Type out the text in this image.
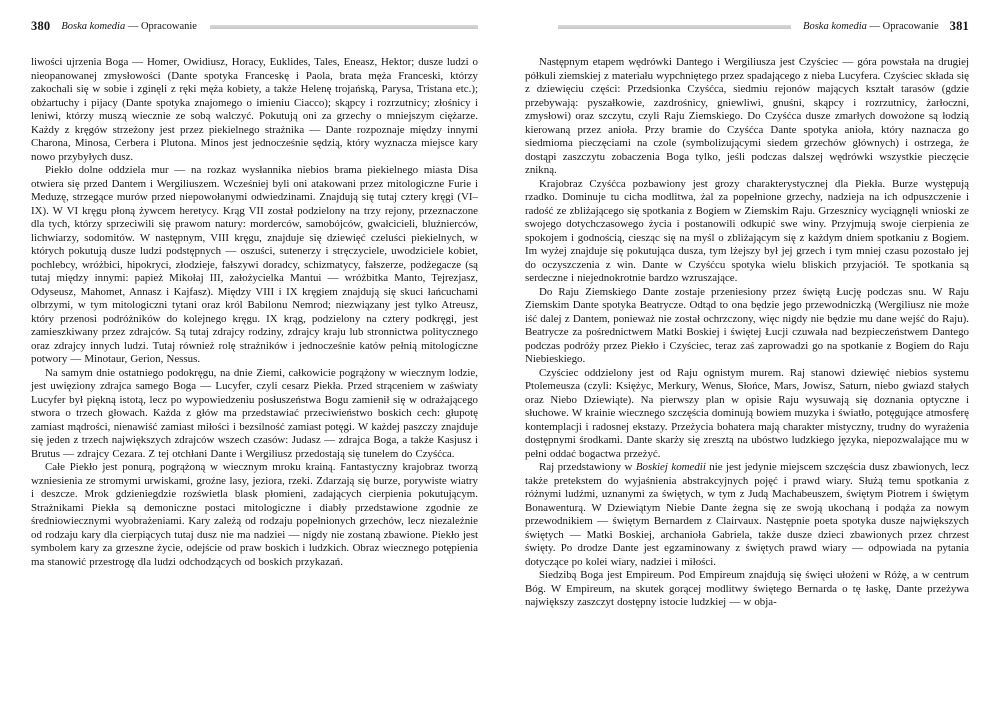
380 Boska komedia — Opracowanie

liwości ujrzenia Boga — Homer, Owidiusz, Horacy, Euklides, Tales, Eneasz, Hektor; dusze ludzi o nieopanowanej zmysłowości (Dante spotyka Franceskę i Paola, brata męża Franceski, którzy zakochali się w sobie i zginęli z ręki męża kobiety, a także Helenę trojańską, Parysa, Tristana etc.); obżartuchy i pijacy (Dante spotyka znajomego o imieniu Ciacco); skąpcy i rozrzutnicy; złośnicy i leniwi, którzy muszą wiecznie ze sobą walczyć. Pokutują oni za grzechy o mniejszym ciężarze. Każdy z kręgów strzeżony jest przez piekielnego strażnika — Dante rozpoznaje między innymi Charona, Minosa, Cerbera i Plutona. Minos jest jednocześnie sędzią, który wyznacza miejsce kary nowo przybyłych dusz.

Piekło dolne oddziela mur — na rozkaz wysłannika niebios brama piekielnego miasta Disa otwiera się przed Dantem i Wergiliuszem. Wcześniej byli oni atakowani przez mitologiczne Furie i Meduzę, strzegące murów przed niepowołanymi odwiedzinami. Znajdują się tutaj cztery kręgi (VI–IX). W VI kręgu płoną żywcem heretycy. Krąg VII został podzielony na trzy rejony, przeznaczone dla tych, którzy sprzeciwili się prawom natury: morderców, samobójców, gwałcicieli, bluźnierców, lichwiarzy, sodomitów. W następnym, VIII kręgu, znajduje się dziewięć czeluści piekielnych, w których pokutują dusze ludzi podstępnych — oszuści, sutenerzy i stręczyciele, uwodziciele kobiet, pochlebcy, wróżbici, hipokryci, złodzieje, fałszywi doradcy, schizmatycy, fałszerze, podżegacze (są tutaj między innymi: papież Mikołaj III, założycielka Mantui — wróżbitka Manto, Tejrezjasz, Odyseusz, Mahomet, Annasz i Kajfasz). Między VIII i IX kręgiem znajdują się skuci łańcuchami olbrzymi, w tym mitologiczni tytani oraz król Babilonu Nemrod; niezwiązany jest tylko Atreusz, który przenosi podróżników do kolejnego kręgu. IX krąg, podzielony na cztery podkręgi, jest zamieszkiwany przez zdrajców. Są tutaj zdrajcy rodziny, zdrajcy kraju lub stronnictwa politycznego oraz zdrajcy innych ludzi. Tutaj również rolę strażników i jednocześnie katów pełnią mitologiczne potwory — Minotaur, Gerion, Nessus.

Na samym dnie ostatniego podokręgu, na dnie Ziemi, całkowicie pogrążony w wiecznym lodzie, jest uwięziony zdrajca samego Boga — Lucyfer, czyli cesarz Piekła. Przed strąceniem w zaświaty Lucyfer był piękną istotą, lecz po wypowiedzeniu posłuszeństwa Bogu zamienił się w odrażającego stwora o trzech głowach. Każda z głów ma przedstawiać przeciwieństwo boskich cech: głupotę zamiast mądrości, nienawiść zamiast miłości i bezsilność zamiast potęgi. W każdej paszczy znajduje się jeden z trzech największych zdrajców wszech czasów: Judasz — zdrajca Boga, a także Kasjusz i Brutus — zdrajcy Cezara. Z tej otchłani Dante i Wergiliusz przedostają się tunelem do Czyśćca.

Całe Piekło jest ponurą, pogrążoną w wiecznym mroku krainą. Fantastyczny krajobraz tworzą wzniesienia ze stromymi urwiskami, groźne lasy, jeziora, rzeki. Zdarzają się burze, porywiste wiatry i deszcze. Mrok gdzieniegdzie rozświetla blask płomieni, zadających cierpienia pokutującym. Strażnikami Piekła są demoniczne postaci mitologiczne i diabły przedstawione zgodnie ze średniowiecznymi wyobrażeniami. Kary zależą od rodzaju popełnionych grzechów, lecz niezależnie od rodzaju kary dla cierpiących tutaj dusz nie ma nadziei — nigdy nie zostaną zbawione. Piekło jest symbolem kary za grzeszne życie, odejście od praw boskich i ludzkich. Obraz wiecznego potępienia ma stanowić przestrogę dla ludzi odchodzących od boskich przykazań.

Boska komedia — Opracowanie 381

Następnym etapem wędrówki Dantego i Wergiliusza jest Czyściec — góra powstała na drugiej półkuli ziemskiej z materiału wypchniętego przez spadającego z nieba Lucyfera. Czyściec składa się z dziewięciu części: Przedsionka Czyśćca, siedmiu rejonów mających kształt tarasów (gdzie przebywają: pyszałkowie, zazdrośnicy, gniewliwi, gnuśni, skąpcy i rozrzutnicy, żarłoczni, zmysłowi) oraz szczytu, czyli Raju Ziemskiego. Do Czyśćca dusze zmarłych dowożone są łodzią kierowaną przez anioła. Przy bramie do Czyśćca Dante spotyka anioła, który naznacza go siedmioma pieczęciami na czole (symbolizującymi siedem grzechów głównych) i ostrzega, że dostąpi zaszczytu zobaczenia Boga tylko, jeśli podczas dalszej wędrówki wszystkie pieczęcie znikną.

Krajobraz Czyśćca pozbawiony jest grozy charakterystycznej dla Piekła. Burze występują rzadko. Dominuje tu cicha modlitwa, żal za popełnione grzechy, nadzieja na ich odpuszczenie i radość ze zbliżającego się spotkania z Bogiem w Ziemskim Raju. Grzesznicy wyciągnęli wnioski ze swojego dotychczasowego życia i postanowili odkupić swe winy. Przyjmują swoje cierpienia ze spokojem i godnością, ciesząc się na myśl o zbliżającym się z każdym dniem spotkaniu z Bogiem. Im wyżej znajduje się pokutująca dusza, tym lżejszy był jej grzech i tym mniej czasu pozostało jej do oczyszczenia z win. Dante w Czyśćcu spotyka wielu bliskich przyjaciół. Te spotkania są serdeczne i niejednokrotnie bardzo wzruszające.

Do Raju Ziemskiego Dante zostaje przeniesiony przez świętą Łucję podczas snu. W Raju Ziemskim Dante spotyka Beatrycze. Odtąd to ona będzie jego przewodniczką (Wergiliusz nie może iść dalej z Dantem, ponieważ nie został ochrzczony, więc nigdy nie będzie mu dane wejść do Raju). Beatrycze za pośrednictwem Matki Boskiej i świętej Łucji czuwała nad bezpieczeństwem Dantego podczas podróży przez Piekło i Czyściec, teraz zaś zaprowadzi go na spotkanie z Bogiem do Raju Niebieskiego.

Czyściec oddzielony jest od Raju ognistym murem. Raj stanowi dziewięć niebios systemu Ptolemeusza (czyli: Księżyc, Merkury, Wenus, Słońce, Mars, Jowisz, Saturn, niebo gwiazd stałych oraz Niebo Dziewiąte). Na pierwszy plan w opisie Raju wysuwają się doznania optyczne i słuchowe. W krainie wiecznego szczęścia dominują bowiem muzyka i światło, potęgujące atmosferę kontemplacji i radosnej ekstazy. Przeżycia bohatera mają charakter mistyczny, trudny do wyrażenia dostępnymi środkami. Dante skarży się zresztą na ubóstwo ludzkiego języka, niepozwalające mu w pełni oddać bogactwa przeżyć.

Raj przedstawiony w Boskiej komedii nie jest jedynie miejscem szczęścia dusz zbawionych, lecz także pretekstem do wyjaśnienia abstrakcyjnych pojęć i prawd wiary. Służą temu spotkania z różnymi ludźmi, uznanymi za świętych, w tym z Judą Machabeuszem, świętym Piotrem i świętym Bonawenturą. W Dziewiątym Niebie Dante żegna się ze swoją ukochaną i podąża za nowym przewodnikiem — świętym Bernardem z Clairvaux. Następnie poeta spotyka dusze największych świętych — Matki Boskiej, archanioła Gabriela, także dusze dzieci zbawionych przez chrzest święty. Po drodze Dante jest egzaminowany z świętych prawd wiary — odpowiada na pytania dotyczące po kolei wiary, nadziei i miłości.

Siedzibą Boga jest Empireum. Pod Empireum znajdują się święci ułożeni w Różę, a w centrum Bóg. W Empireum, na skutek gorącej modlitwy świętego Bernarda o tę łaskę, Dante przeżywa największy zaszczyt dostępny istocie ludzkiej — w obja-
